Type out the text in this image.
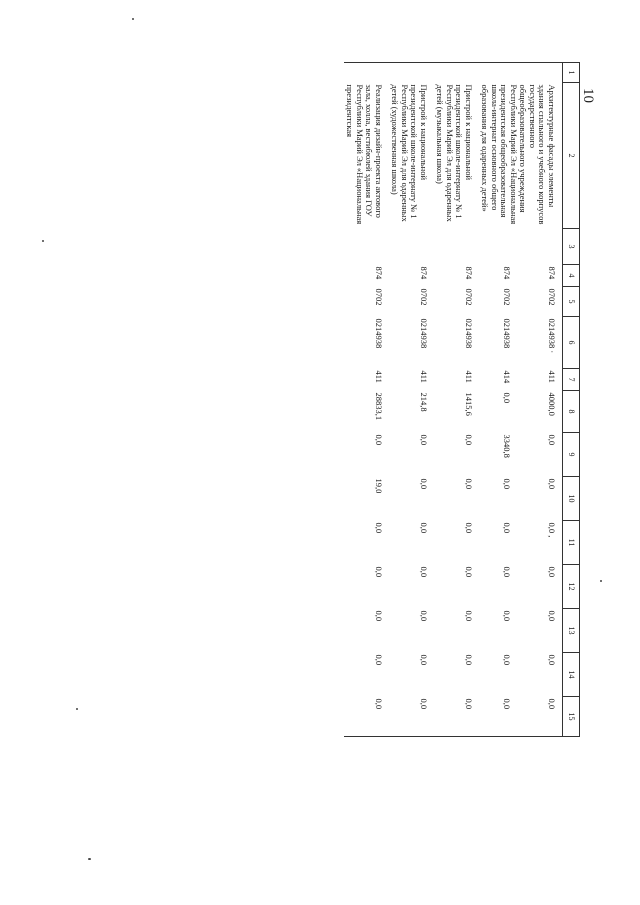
10
1	2	3	4	5	6	7	8	9	10	11	12	13	14	15
	Архитектурные фасады элементы здания спального и учебного корпусов государственного общеобразовательного учреждения Республики Марий Эл «Национальная президентская общеобразовательная школа-интернат основного общего образования для одаренных детей»		874	0702	0214938 ·	411	4000,0	0,0	0,0	0,0 ,	0,0	0,0	0,0	0,0
			874	0702	0214938	414	0,0	3340,8	0,0	0,0	0,0	0,0	0,0	0,0
	Пристрой к национальной президентской школе-интернату № 1 Республики Марий Эл для одаренных детей (музыкальная школа)		874	0702	0214938	411	1415,6	0,0	0,0	0,0	0,0	0,0	0,0	0,0
	Пристрой к национальной президентской школе-интернату № 1 Республики Марий Эл для одаренных детей (художественная школа)		874	0702	0214938	411	214,8	0,0	0,0	0,0	0,0	0,0	0,0	0,0
	Реализация дизайн-проекта актового зала, холла, вестибюлей здания ГОУ Республики Марий Эл «Национальная президентская		874	0702	0214938	411	28833,1	0,0	19,0	0,0	0,0	0,0	0,0	0,0
